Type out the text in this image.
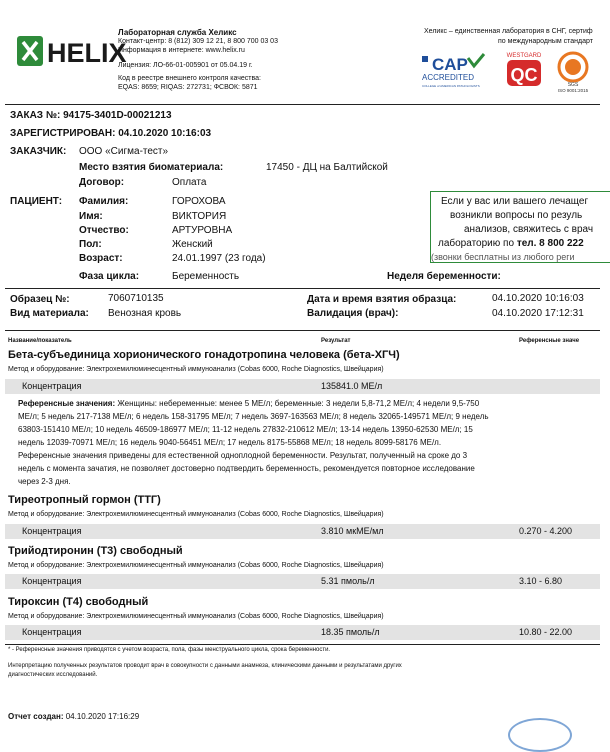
HELIX
Лабораторная служба Хеликс
Контакт-центр: 8 (812) 309 12 21, 8 800 700 03 03
Информация в интернете: www.helix.ru
Лицензия: ЛО-66-01-005901 от 05.04.19 г.
Код в реестре внешнего контроля качества:
EQAS: 8659; RIQAS: 272731; ФСВОК: 5871
Хеликс – единственная лаборатория в СНГ, сертиф
по международным стандарт
CAP
ACCREDITED
COLLEGE of AMERICAN PATHOLOGISTS
WESTGARD
QC	SGS
ISO 9001:2015
ЗАКАЗ №: 94175-3401D-00021213
ЗАРЕГИСТРИРОВАН: 04.10.2020 10:16:03
ЗАКАЗЧИК: ООО «Сигма-тест»
Место взятия биоматериала:	17450 - ДЦ на Балтийской
Договор:	Оплата
ПАЦИЕНТ: Фамилия:	ГОРОХОВА
Имя:	ВИКТОРИЯ
Отчество:	АРТУРОВНА
Пол:	Женский
Возраст:	24.01.1997 (23 года)
Фаза цикла:	Беременность	Неделя беременности:
Если у вас или вашего лечащег
возникли вопросы по резуль
анализов, свяжитесь с врач
лабораторию по тел. 8 800 222
(звонки бесплатны из любого реги
Образец №:	7060710135
Вид материала: Венозная кровь
Дата и время взятия образца:	04.10.2020 10:16:03
Валидация (врач):	04.10.2020 17:12:31
Название/показатель	Результат	Референсные значе
Бета-субъединица хорионического гонадотропина человека (бета-ХГЧ)
Метод и оборудование: Электрохемилюминесцентный иммуноанализ (Cobas 6000, Roche Diagnostics, Швейцария)
Концентрация	135841.0 МЕ/л
Референсные значения: Женщины: небеременные: менее 5 МЕ/л; беременные: 3 недели 5,8-71,2 МЕ/л; 4 недели 9,5-750
МЕ/л; 5 недель 217-7138 МЕ/л; 6 недель 158-31795 МЕ/л; 7 недель 3697-163563 МЕ/л; 8 недель 32065-149571 МЕ/л; 9 недель
63803-151410 МЕ/л; 10 недель 46509-186977 МЕ/л; 11-12 недель 27832-210612 МЕ/л; 13-14 недель 13950-62530 МЕ/л; 15
недель 12039-70971 МЕ/л; 16 недель 9040-56451 МЕ/л; 17 недель 8175-55868 МЕ/л; 18 недель 8099-58176 МЕ/л.
Референсные значения приведены для естественной одноплодной беременности. Результат, полученный на сроке до 3
недель с момента зачатия, не позволяет достоверно подтвердить беременность, рекомендуется повторное исследование
через 2-3 дня.
Тиреотропный гормон (ТТГ)
Метод и оборудование: Электрохемилюминесцентный иммуноанализ (Cobas 6000, Roche Diagnostics, Швейцария)
Концентрация	3.810 мкМЕ/мл	0.270 - 4.200
Трийодтиронин (Т3) свободный
Метод и оборудование: Электрохемилюминесцентный иммуноанализ (Cobas 6000, Roche Diagnostics, Швейцария)
Концентрация	5.31 пмоль/л	3.10 - 6.80
Тироксин (Т4) свободный
Метод и оборудование: Электрохемилюминесцентный иммуноанализ (Cobas 6000, Roche Diagnostics, Швейцария)
Концентрация	18.35 пмоль/л	10.80 - 22.00
* - Референсные значения приводятся с учетом возраста, пола, фазы менструального цикла, срока беременности.
Интерпретацию полученных результатов проводит врач в совокупности с данными анамнеза, клиническими данными и результатами других
диагностических исследований.
Отчет создан: 04.10.2020 17:16:29
